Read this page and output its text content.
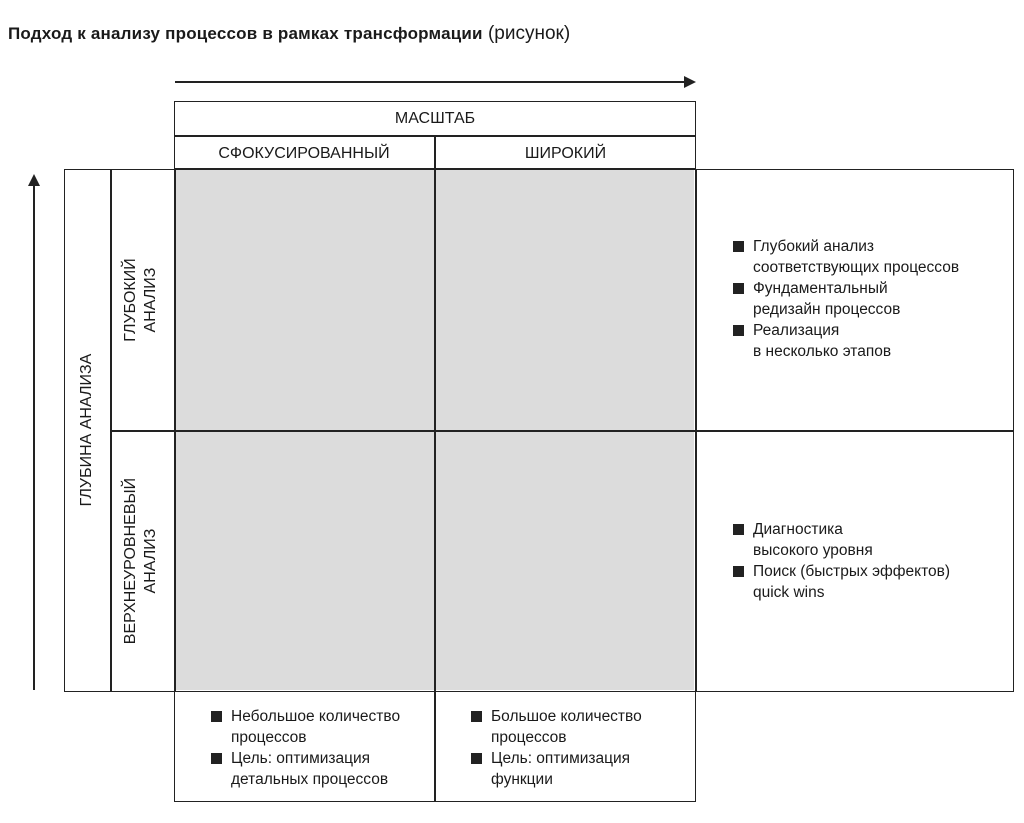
Подход к анализу процессов в рамках трансформации (рисунок)
МАСШТАБ
СФОКУСИРОВАННЫЙ	ШИРОКИЙ
ГЛУБИНА АНАЛИЗА
ГЛУБОКИЙ АНАЛИЗ
ВЕРХНЕУРОВНЕВЫЙ АНАЛИЗ
Глубокий анализ
соответствующих процессов
Фундаментальный
редизайн процессов
Реализация
в несколько этапов
Диагностика
высокого уровня
Поиск (быстрых эффектов)
quick wins
Небольшое количество
процессов
Цель: оптимизация
детальных процессов
Большое количество
процессов
Цель: оптимизация
функции
